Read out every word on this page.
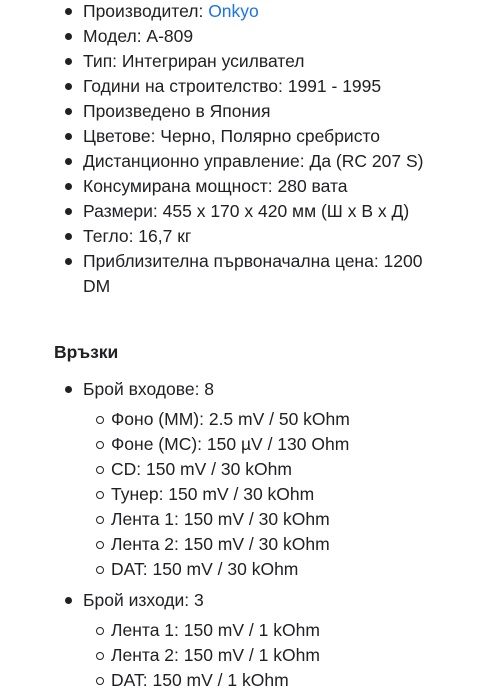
Производител: Onkyo
Модел: A-809
Тип: Интегриран усилвател
Години на строителство: 1991 - 1995
Произведено в Япония
Цветове: Черно, Полярно сребристо
Дистанционно управление: Да (RC 207 S)
Консумирана мощност: 280 вата
Размери: 455 x 170 x 420 мм (Ш x В x Д)
Тегло: 16,7 кг
Приблизителна първоначална цена: 1200 DM
Връзки
Брой входове: 8
Фоно (MM): 2.5 mV / 50 kOhm
Фоне (MC): 150 µV / 130 Ohm
CD: 150 mV / 30 kOhm
Тунер: 150 mV / 30 kOhm
Лента 1: 150 mV / 30 kOhm
Лента 2: 150 mV / 30 kOhm
DAT: 150 mV / 30 kOhm
Брой изходи: 3
Лента 1: 150 mV / 1 kOhm
Лента 2: 150 mV / 1 kOhm
DAT: 150 mV / 1 kOhm
